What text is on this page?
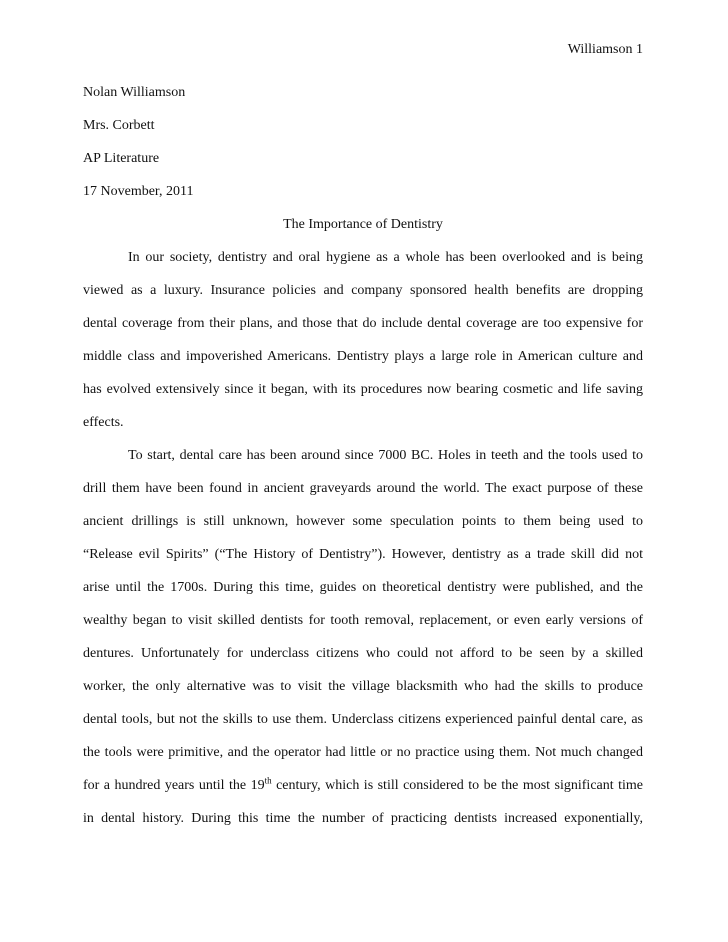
Williamson 1
Nolan Williamson
Mrs. Corbett
AP Literature
17 November, 2011
The Importance of Dentistry
In our society, dentistry and oral hygiene as a whole has been overlooked and is being
viewed as a luxury. Insurance policies and company sponsored health benefits are dropping
dental coverage from their plans, and those that do include dental coverage are too expensive for
middle class and impoverished Americans. Dentistry plays a large role in American culture and
has evolved extensively since it began, with its procedures now bearing cosmetic and life saving
effects.
To start, dental care has been around since 7000 BC. Holes in teeth and the tools used to
drill them have been found in ancient graveyards around the world. The exact purpose of these
ancient drillings is still unknown, however some speculation points to them being used to
“Release evil Spirits” (“The History of Dentistry”). However, dentistry as a trade skill did not
arise until the 1700s. During this time, guides on theoretical dentistry were published, and the
wealthy began to visit skilled dentists for tooth removal, replacement, or even early versions of
dentures. Unfortunately for underclass citizens who could not afford to be seen by a skilled
worker, the only alternative was to visit the village blacksmith who had the skills to produce
dental tools, but not the skills to use them. Underclass citizens experienced painful dental care, as
the tools were primitive, and the operator had little or no practice using them. Not much changed
for a hundred years until the 19th century, which is still considered to be the most significant time
in dental history. During this time the number of practicing dentists increased exponentially,
